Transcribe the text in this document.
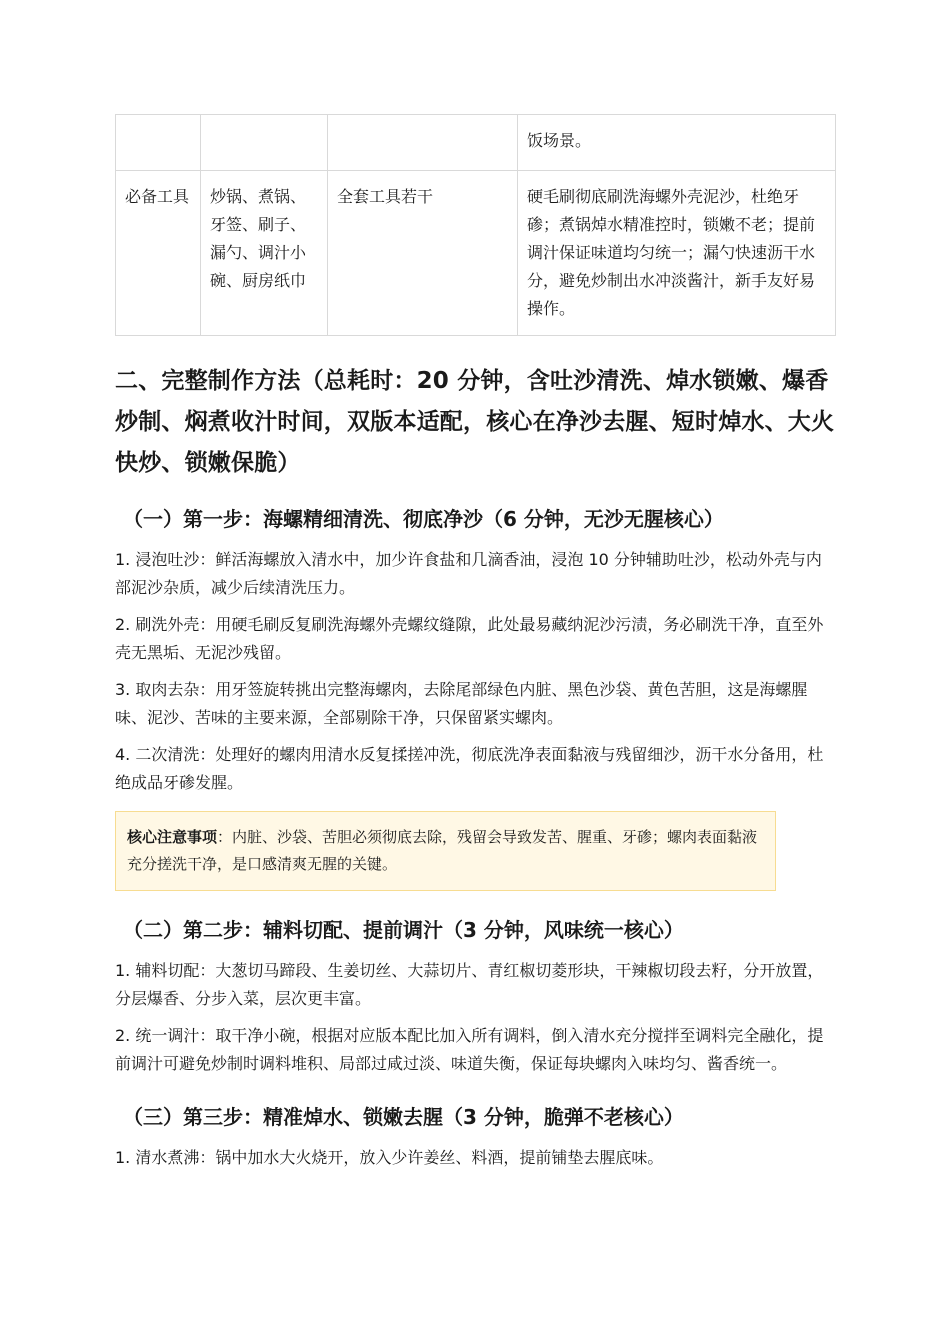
			饭场景。
必备工具	炒锅、煮锅、牙签、刷子、漏勺、调汁小碗、厨房纸巾	全套工具若干	硬毛刷彻底刷洗海螺外壳泥沙，杜绝牙碜；煮锅焯水精准控时，锁嫩不老；提前调汁保证味道均匀统一；漏勺快速沥干水分，避免炒制出水冲淡酱汁，新手友好易操作。
二、完整制作方法（总耗时：20 分钟，含吐沙清洗、焯水锁嫩、爆香炒制、焖煮收汁时间，双版本适配，核心在净沙去腥、短时焯水、大火快炒、锁嫩保脆）
（一）第一步：海螺精细清洗、彻底净沙（6 分钟，无沙无腥核心）

1. 浸泡吐沙：鲜活海螺放入清水中，加少许食盐和几滴香油，浸泡 10 分钟辅助吐沙，松动外壳与内部泥沙杂质，减少后续清洗压力。

2. 刷洗外壳：用硬毛刷反复刷洗海螺外壳螺纹缝隙，此处最易藏纳泥沙污渍，务必刷洗干净，直至外壳无黑垢、无泥沙残留。

3. 取肉去杂：用牙签旋转挑出完整海螺肉，去除尾部绿色内脏、黑色沙袋、黄色苦胆，这是海螺腥味、泥沙、苦味的主要来源，全部剔除干净，只保留紧实螺肉。

4. 二次清洗：处理好的螺肉用清水反复揉搓冲洗，彻底洗净表面黏液与残留细沙，沥干水分备用，杜绝成品牙碜发腥。

核心注意事项：内脏、沙袋、苦胆必须彻底去除，残留会导致发苦、腥重、牙碜；螺肉表面黏液充分搓洗干净，是口感清爽无腥的关键。
（二）第二步：辅料切配、提前调汁（3 分钟，风味统一核心）

1. 辅料切配：大葱切马蹄段、生姜切丝、大蒜切片、青红椒切菱形块，干辣椒切段去籽，分开放置，分层爆香、分步入菜，层次更丰富。

2. 统一调汁：取干净小碗，根据对应版本配比加入所有调料，倒入清水充分搅拌至调料完全融化，提前调汁可避免炒制时调料堆积、局部过咸过淡、味道失衡，保证每块螺肉入味均匀、酱香统一。

（三）第三步：精准焯水、锁嫩去腥（3 分钟，脆弹不老核心）

1. 清水煮沸：锅中加水大火烧开，放入少许姜丝、料酒，提前铺垫去腥底味。
